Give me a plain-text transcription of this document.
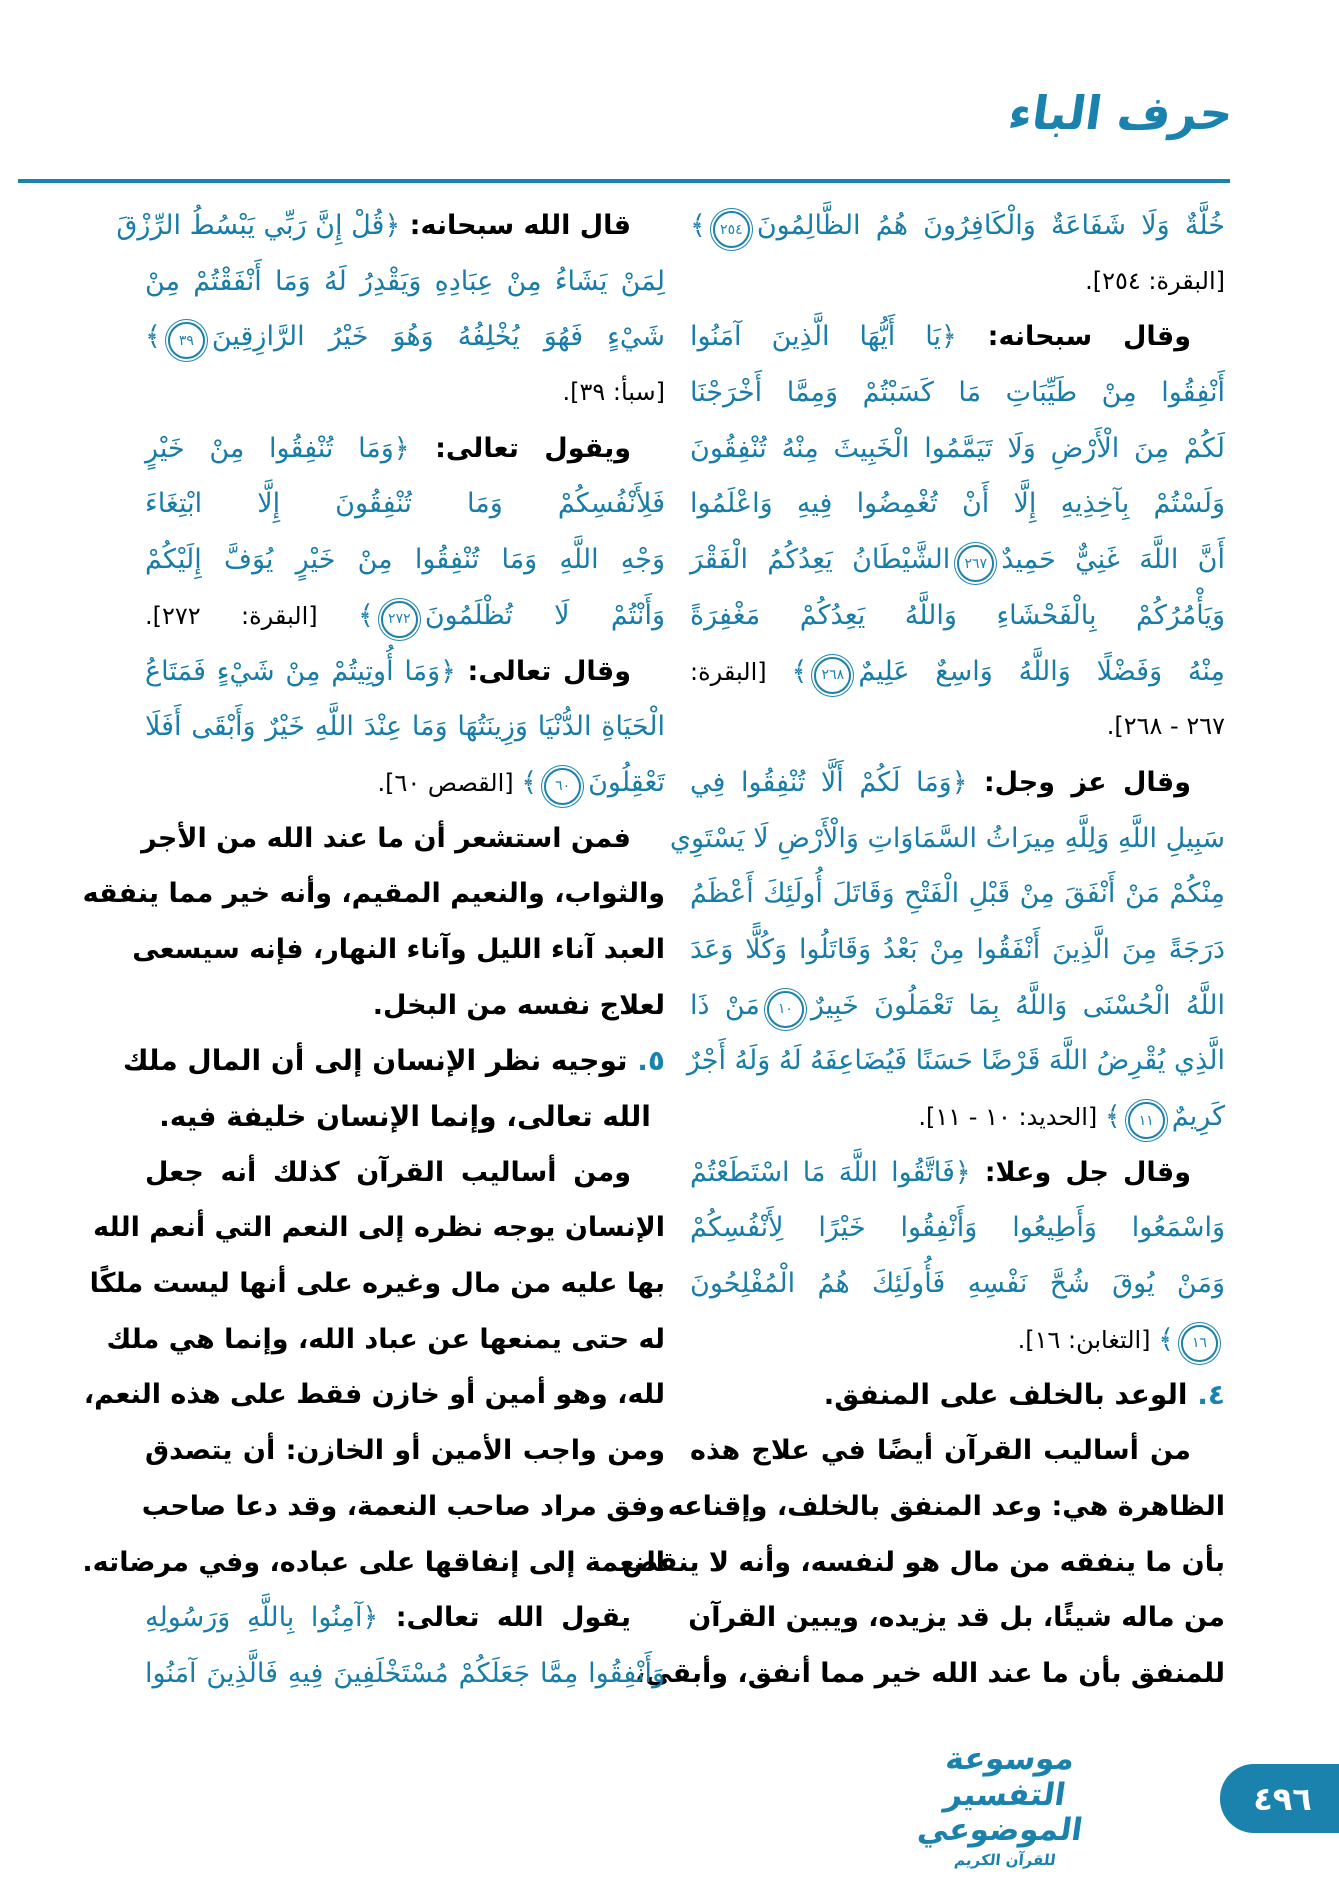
حرف الباء
خُلَّةٌ وَلَا شَفَاعَةٌ وَالْكَافِرُونَ هُمُ الظَّالِمُونَ٢٥٤﴾
[البقرة: ٢٥٤].
وقال سبحانه: ﴿يَا أَيُّهَا الَّذِينَ آمَنُوا
أَنْفِقُوا مِنْ طَيِّبَاتِ مَا كَسَبْتُمْ وَمِمَّا أَخْرَجْنَا
لَكُمْ مِنَ الْأَرْضِ وَلَا تَيَمَّمُوا الْخَبِيثَ مِنْهُ تُنْفِقُونَ
وَلَسْتُمْ بِآخِذِيهِ إِلَّا أَنْ تُغْمِضُوا فِيهِ وَاعْلَمُوا
أَنَّ اللَّهَ غَنِيٌّ حَمِيدٌ٢٦٧الشَّيْطَانُ يَعِدُكُمُ الْفَقْرَ
وَيَأْمُرُكُمْ بِالْفَحْشَاءِ وَاللَّهُ يَعِدُكُمْ مَغْفِرَةً
مِنْهُ وَفَضْلًا وَاللَّهُ وَاسِعٌ عَلِيمٌ٢٦٨﴾ [البقرة:
٢٦٧ - ٢٦٨].
وقال عز وجل: ﴿وَمَا لَكُمْ أَلَّا تُنْفِقُوا فِي
سَبِيلِ اللَّهِ وَلِلَّهِ مِيرَاثُ السَّمَاوَاتِ وَالْأَرْضِ لَا يَسْتَوِي
مِنْكُمْ مَنْ أَنْفَقَ مِنْ قَبْلِ الْفَتْحِ وَقَاتَلَ أُولَئِكَ أَعْظَمُ
دَرَجَةً مِنَ الَّذِينَ أَنْفَقُوا مِنْ بَعْدُ وَقَاتَلُوا وَكُلًّا وَعَدَ
اللَّهُ الْحُسْنَى وَاللَّهُ بِمَا تَعْمَلُونَ خَبِيرٌ١٠مَنْ ذَا
الَّذِي يُقْرِضُ اللَّهَ قَرْضًا حَسَنًا فَيُضَاعِفَهُ لَهُ وَلَهُ أَجْرٌ
كَرِيمٌ١١﴾ [الحديد: ١٠ - ١١].
وقال جل وعلا: ﴿فَاتَّقُوا اللَّهَ مَا اسْتَطَعْتُمْ
وَاسْمَعُوا وَأَطِيعُوا وَأَنْفِقُوا خَيْرًا لِأَنْفُسِكُمْ
وَمَنْ يُوقَ شُحَّ نَفْسِهِ فَأُولَئِكَ هُمُ الْمُفْلِحُونَ
١٦﴾ [التغابن: ١٦].
٤. الوعد بالخلف على المنفق.
من أساليب القرآن أيضًا في علاج هذه
الظاهرة هي: وعد المنفق بالخلف، وإقناعه
بأن ما ينفقه من مال هو لنفسه، وأنه لا ينقص
من ماله شيئًا، بل قد يزيده، ويبين القرآن
للمنفق بأن ما عند الله خير مما أنفق، وأبقى،
قال الله سبحانه: ﴿قُلْ إِنَّ رَبِّي يَبْسُطُ الرِّزْقَ
لِمَنْ يَشَاءُ مِنْ عِبَادِهِ وَيَقْدِرُ لَهُ وَمَا أَنْفَقْتُمْ مِنْ
شَيْءٍ فَهُوَ يُخْلِفُهُ وَهُوَ خَيْرُ الرَّازِقِينَ٣٩﴾
[سبأ: ٣٩].
ويقول تعالى: ﴿وَمَا تُنْفِقُوا مِنْ خَيْرٍ
فَلِأَنْفُسِكُمْ وَمَا تُنْفِقُونَ إِلَّا ابْتِغَاءَ
وَجْهِ اللَّهِ وَمَا تُنْفِقُوا مِنْ خَيْرٍ يُوَفَّ إِلَيْكُمْ
وَأَنْتُمْ لَا تُظْلَمُونَ٢٧٢﴾ [البقرة: ٢٧٢].
وقال تعالى: ﴿وَمَا أُوتِيتُمْ مِنْ شَيْءٍ فَمَتَاعُ
الْحَيَاةِ الدُّنْيَا وَزِينَتُهَا وَمَا عِنْدَ اللَّهِ خَيْرٌ وَأَبْقَى أَفَلَا
تَعْقِلُونَ٦٠﴾ [القصص ٦٠].
فمن استشعر أن ما عند الله من الأجر
والثواب، والنعيم المقيم، وأنه خير مما ينفقه
العبد آناء الليل وآناء النهار، فإنه سيسعى
لعلاج نفسه من البخل.
٥. توجيه نظر الإنسان إلى أن المال ملك
الله تعالى، وإنما الإنسان خليفة فيه.
ومن أساليب القرآن كذلك أنه جعل
الإنسان يوجه نظره إلى النعم التي أنعم الله
بها عليه من مال وغيره على أنها ليست ملكًا
له حتى يمنعها عن عباد الله، وإنما هي ملك
لله، وهو أمين أو خازن فقط على هذه النعم،
ومن واجب الأمين أو الخازن: أن يتصدق
وفق مراد صاحب النعمة، وقد دعا صاحب
النعمة إلى إنفاقها على عباده، وفي مرضاته.
يقول الله تعالى: ﴿آمِنُوا بِاللَّهِ وَرَسُولِهِ
وَأَنْفِقُوا مِمَّا جَعَلَكُمْ مُسْتَخْلَفِينَ فِيهِ فَالَّذِينَ آمَنُوا
موسوعة التفسير الموضوعي
للقرآن الكريم
٤٩٦
